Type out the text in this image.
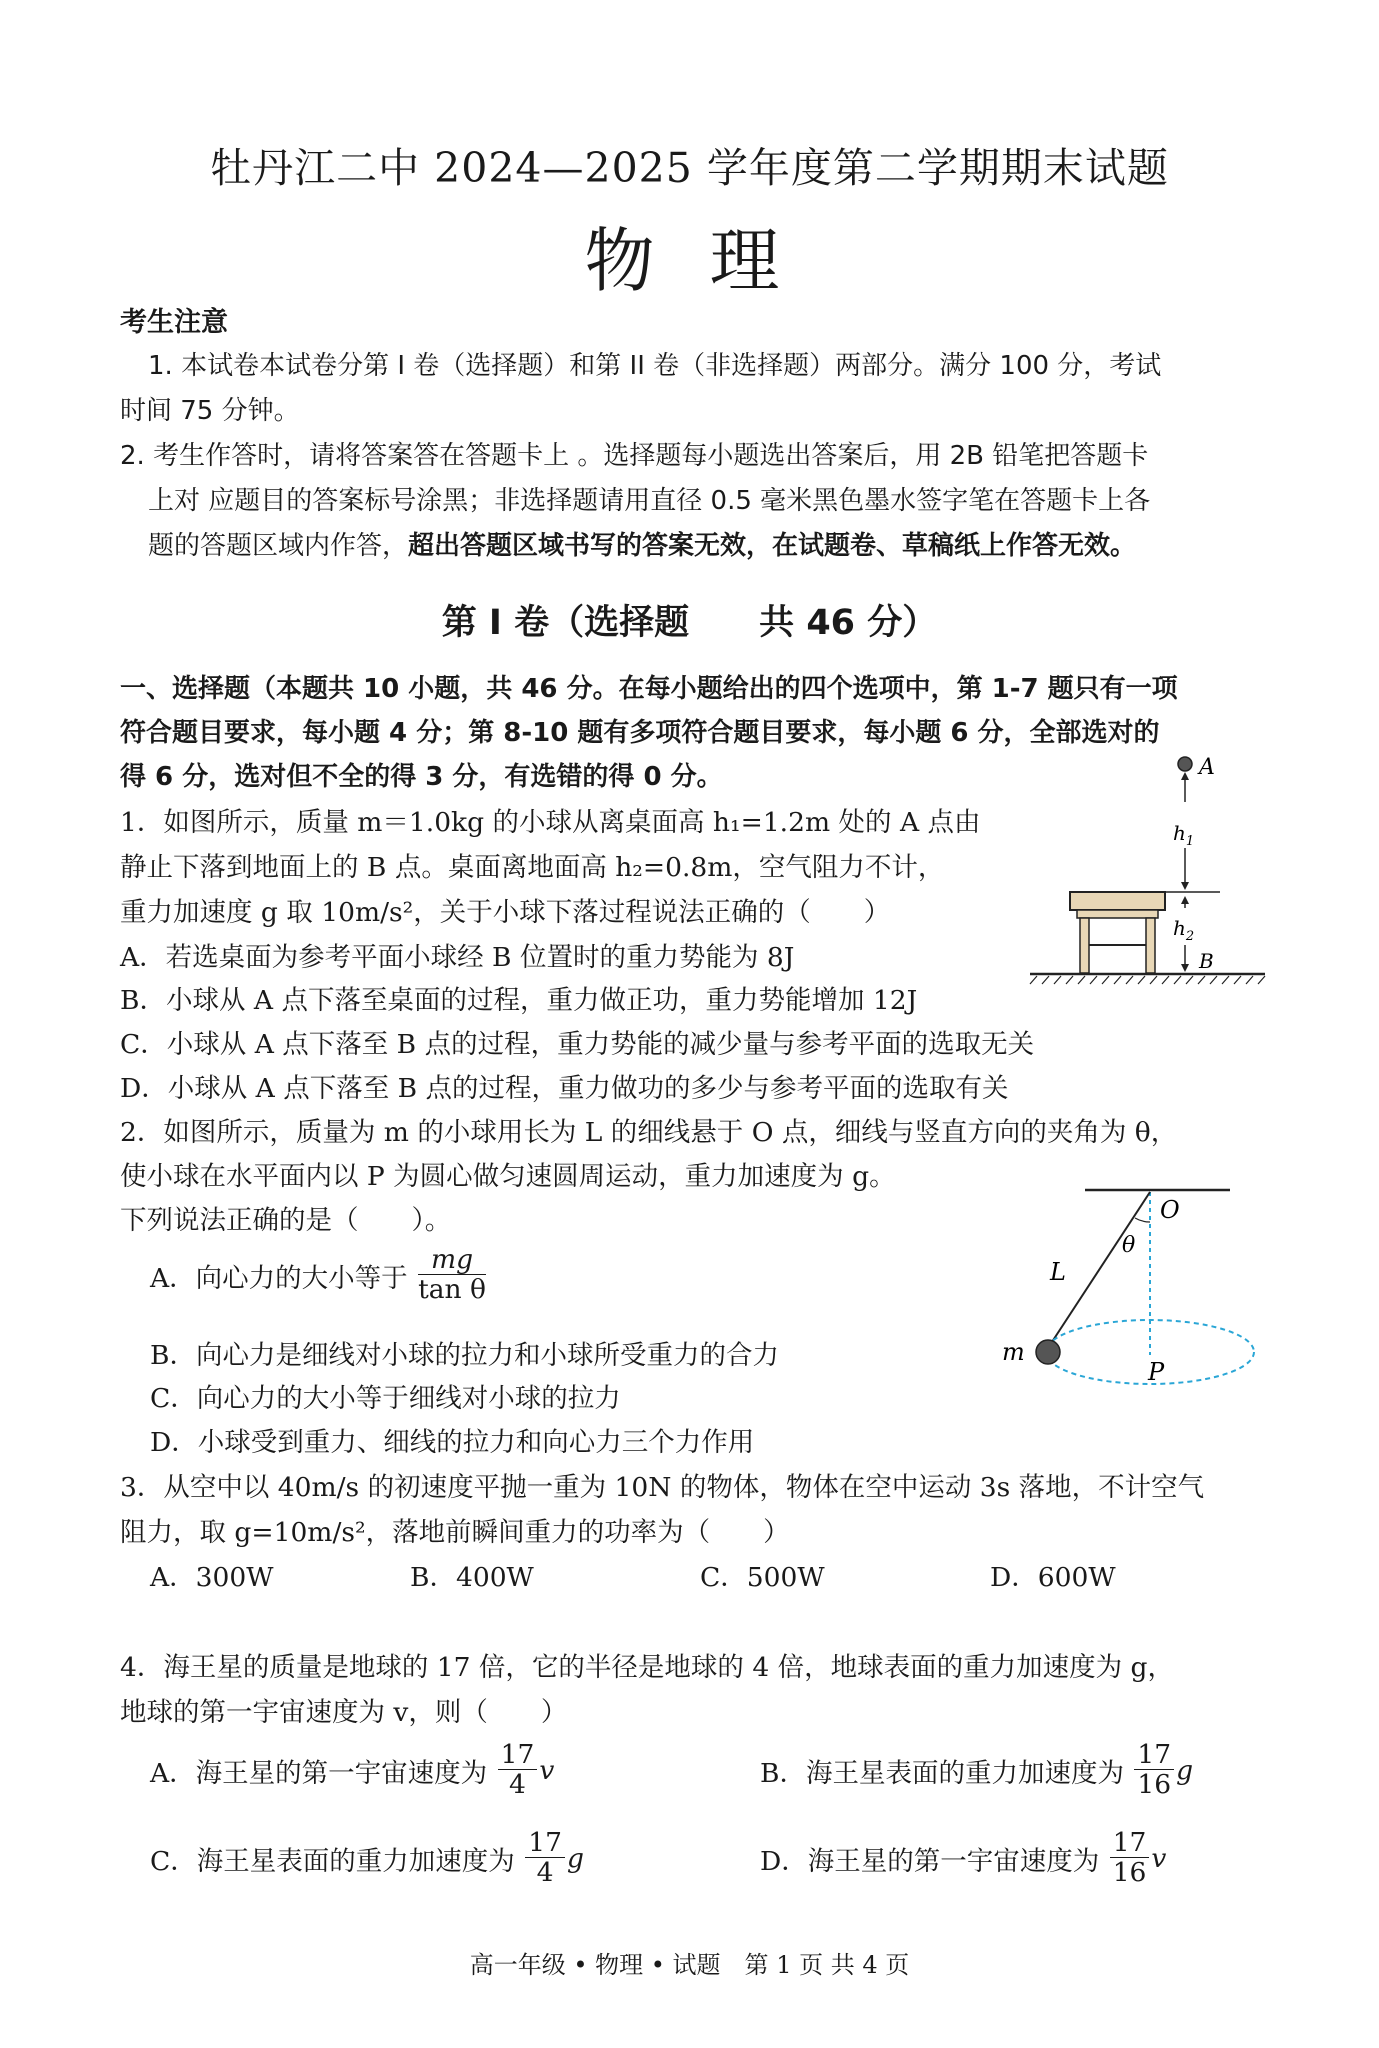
牡丹江二中 2024—2025 学年度第二学期期末试题
物理
考生注意
1. 本试卷本试卷分第 I 卷（选择题）和第 II 卷（非选择题）两部分。满分 100 分，考试
时间 75 分钟。
2. 考生作答时，请将答案答在答题卡上 。选择题每小题选出答案后，用 2B 铅笔把答题卡
上对 应题目的答案标号涂黑；非选择题请用直径 0.5 毫米黑色墨水签字笔在答题卡上各
题的答题区域内作答，超出答题区域书写的答案无效，在试题卷、草稿纸上作答无效。
第 I 卷（选择题　　共 46 分）
一、选择题（本题共 10 小题，共 46 分。在每小题给出的四个选项中，第 1-7 题只有一项
符合题目要求，每小题 4 分；第 8-10 题有多项符合题目要求，每小题 6 分，全部选对的
得 6 分，选对但不全的得 3 分，有选错的得 0 分。
1．如图所示，质量 m＝1.0kg 的小球从离桌面高 h₁=1.2m 处的 A 点由
静止下落到地面上的 B 点。桌面离地面高 h₂=0.8m，空气阻力不计，
重力加速度 g 取 10m/s²，关于小球下落过程说法正确的（　　）
A．若选桌面为参考平面小球经 B 位置时的重力势能为 8J
B．小球从 A 点下落至桌面的过程，重力做正功，重力势能增加 12J
C．小球从 A 点下落至 B 点的过程，重力势能的减少量与参考平面的选取无关
D．小球从 A 点下落至 B 点的过程，重力做功的多少与参考平面的选取有关
A
$h_1$
$h_2$
B
2．如图所示，质量为 m 的小球用长为 L 的细线悬于 O 点，细线与竖直方向的夹角为 θ，
使小球在水平面内以 P 为圆心做匀速圆周运动，重力加速度为 g。
下列说法正确的是（　　）。
A．向心力的大小等于 $\frac{mg}{\text{tan θ}}$
B．向心力是细线对小球的拉力和小球所受重力的合力
C．向心力的大小等于细线对小球的拉力
D．小球受到重力、细线的拉力和向心力三个力作用
O
θ
L
m
P
3．从空中以 40m/s 的初速度平抛一重为 10N 的物体，物体在空中运动 3s 落地，不计空气
阻力，取 g=10m/s²，落地前瞬间重力的功率为（　　）
A．300W	B．400W	C．500W	D．600W
4．海王星的质量是地球的 17 倍，它的半径是地球的 4 倍，地球表面的重力加速度为 g，
地球的第一宇宙速度为 v，则（　　）
A．海王星的第一宇宙速度为 $\frac{17}{4}$ v	B．海王星表面的重力加速度为 $\frac{17}{16}$ g
C．海王星表面的重力加速度为 $\frac{17}{4}$ g	D．海王星的第一宇宙速度为 $\frac{17}{16}$ v
高一年级 • 物理 • 试题　第 1 页 共 4 页
